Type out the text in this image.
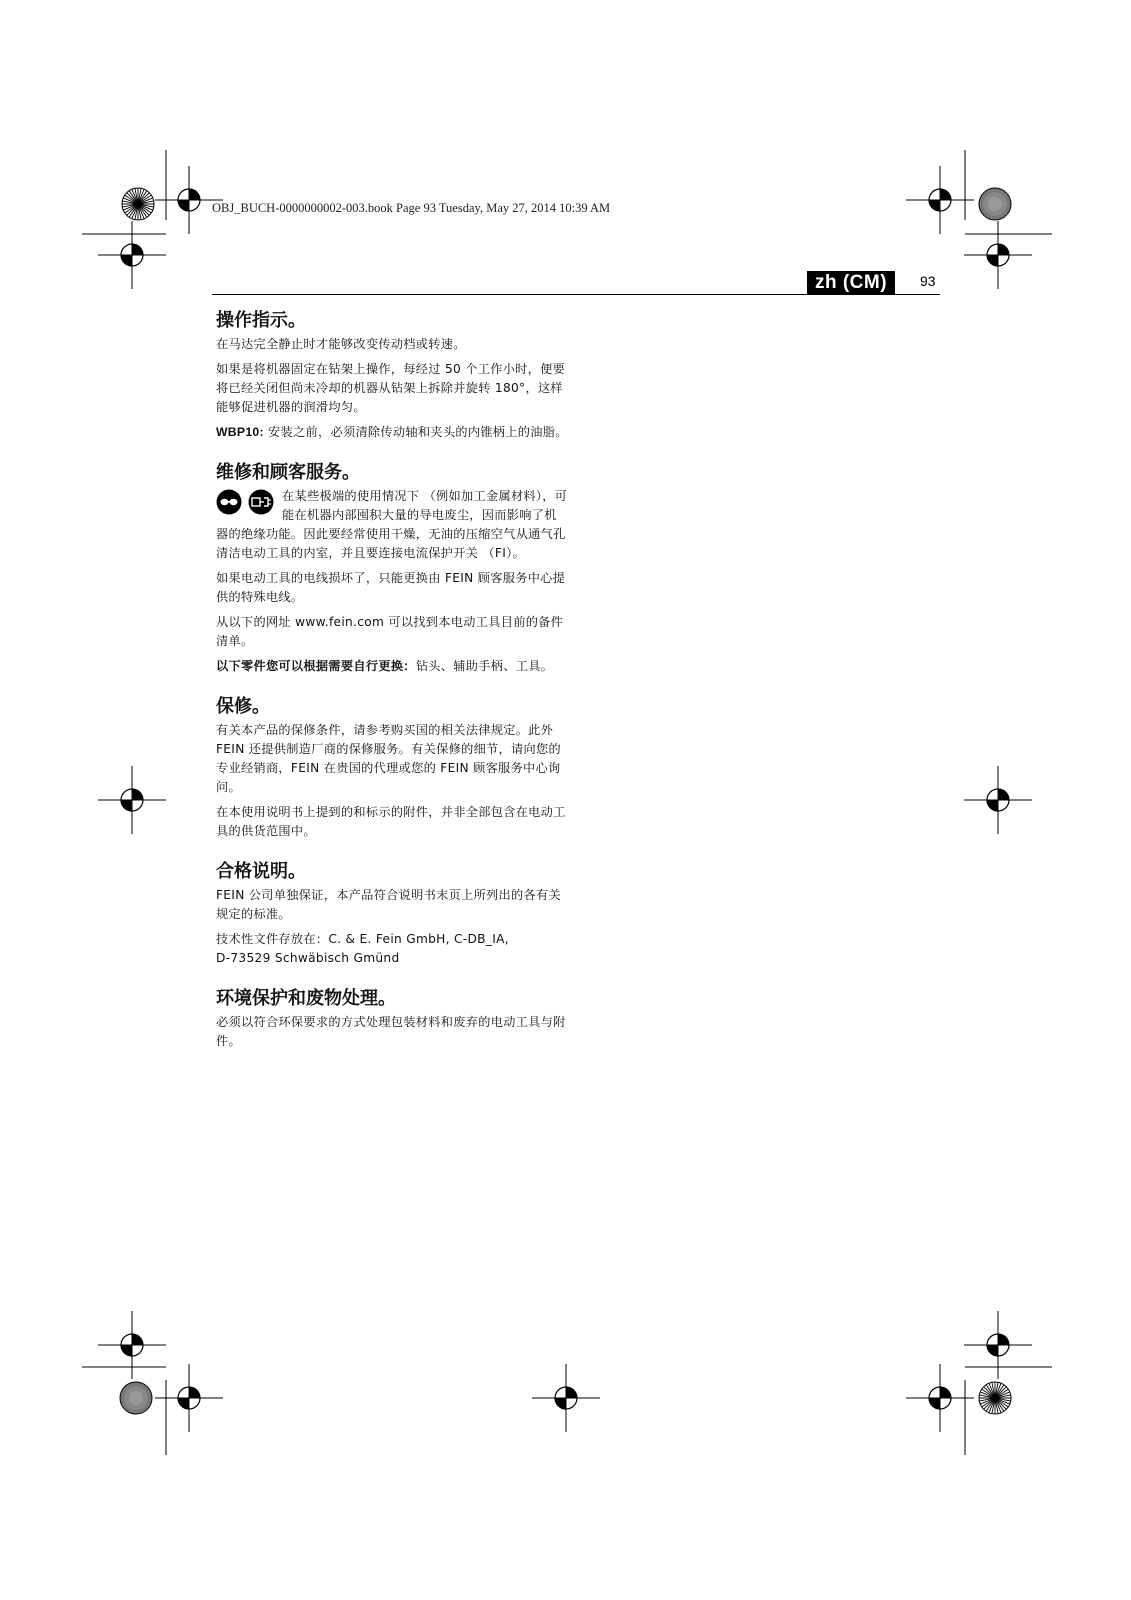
OBJ_BUCH-0000000002-003.book Page 93 Tuesday, May 27, 2014 10:39 AM
zh (CM)	93
操作指示。

在马达完全静止时才能够改变传动档或转速。

如果是将机器固定在钻架上操作，每经过 50 个工作小时，便要将已经关闭但尚未冷却的机器从钻架上拆除并旋转 180°，这样能够促进机器的润滑均匀。

WBP10: 安装之前，必须清除传动轴和夹头的内锥柄上的油脂。

维修和顾客服务。

在某些极端的使用情况下 （例如加工金属材料），可能在机器内部囤积大量的导电废尘，因而影响了机器的绝缘功能。因此要经常使用干燥，无油的压缩空气从通气孔清洁电动工具的内室，并且要连接电流保护开关 （FI）。

如果电动工具的电线损坏了，只能更换由 FEIN 顾客服务中心提供的特殊电线。

从以下的网址 www.fein.com 可以找到本电动工具目前的备件清单。

以下零件您可以根据需要自行更换：钻头、辅助手柄、工具。

保修。

有关本产品的保修条件，请参考购买国的相关法律规定。此外 FEIN 还提供制造厂商的保修服务。有关保修的细节，请向您的专业经销商，FEIN 在贵国的代理或您的 FEIN 顾客服务中心询问。

在本使用说明书上提到的和标示的附件，并非全部包含在电动工具的供货范围中。

合格说明。

FEIN 公司单独保证，本产品符合说明书末页上所列出的各有关规定的标准。

技术性文件存放在：C. & E. Fein GmbH, C-DB_IA,
D-73529 Schwäbisch Gmünd

环境保护和废物处理。

必须以符合环保要求的方式处理包装材料和废弃的电动工具与附件。
